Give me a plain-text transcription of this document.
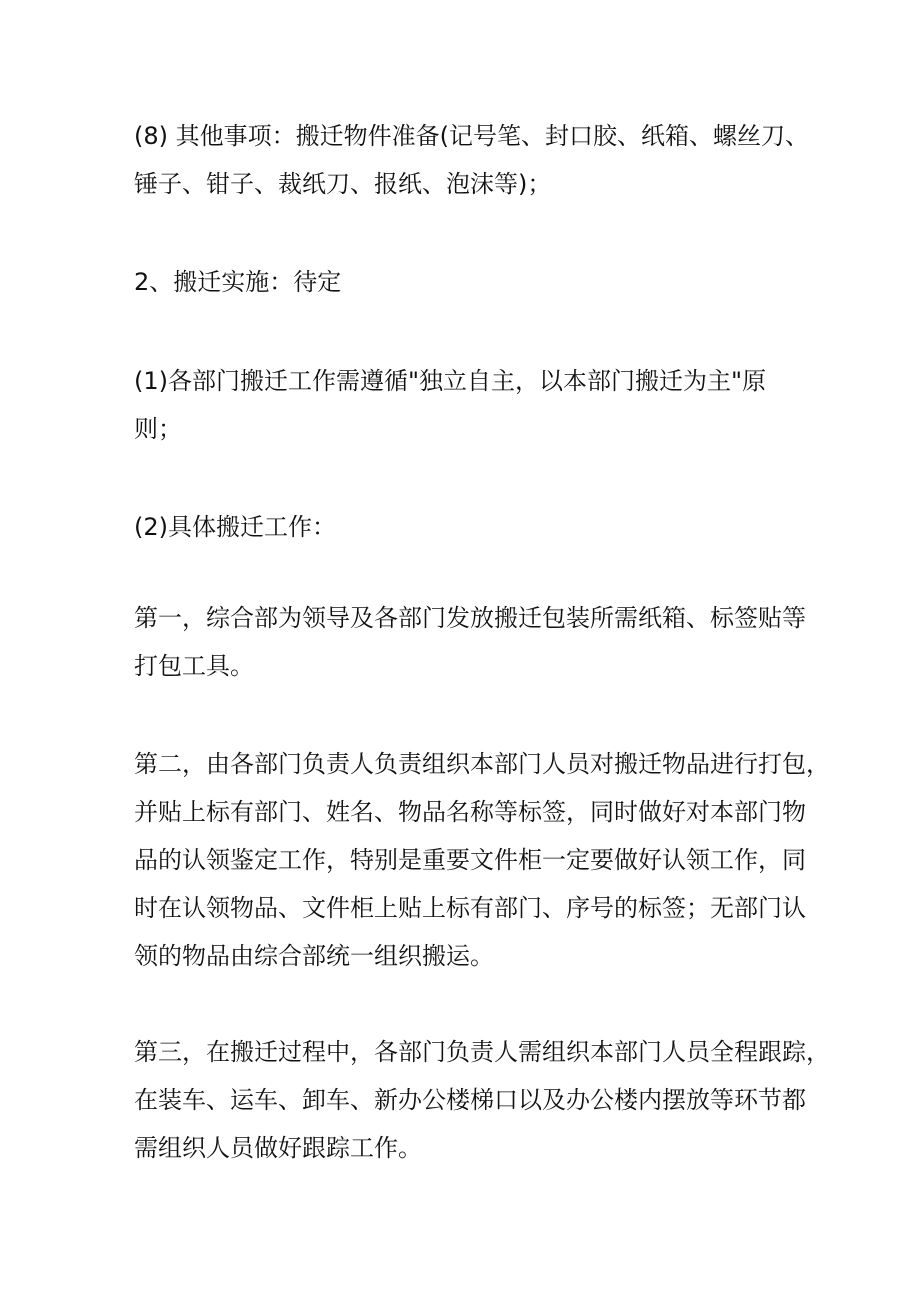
(8) 其他事项：搬迁物件准备(记号笔、封口胶、纸箱、螺丝刀、
锤子、钳子、裁纸刀、报纸、泡沫等)；

2、搬迁实施：待定

(1)各部门搬迁工作需遵循"独立自主，以本部门搬迁为主"原
则；

(2)具体搬迁工作：

第一，综合部为领导及各部门发放搬迁包装所需纸箱、标签贴等
打包工具。

第二，由各部门负责人负责组织本部门人员对搬迁物品进行打包，
并贴上标有部门、姓名、物品名称等标签，同时做好对本部门物
品的认领鉴定工作，特别是重要文件柜一定要做好认领工作，同
时在认领物品、文件柜上贴上标有部门、序号的标签；无部门认
领的物品由综合部统一组织搬运。

第三，在搬迁过程中，各部门负责人需组织本部门人员全程跟踪，
在装车、运车、卸车、新办公楼梯口以及办公楼内摆放等环节都
需组织人员做好跟踪工作。
